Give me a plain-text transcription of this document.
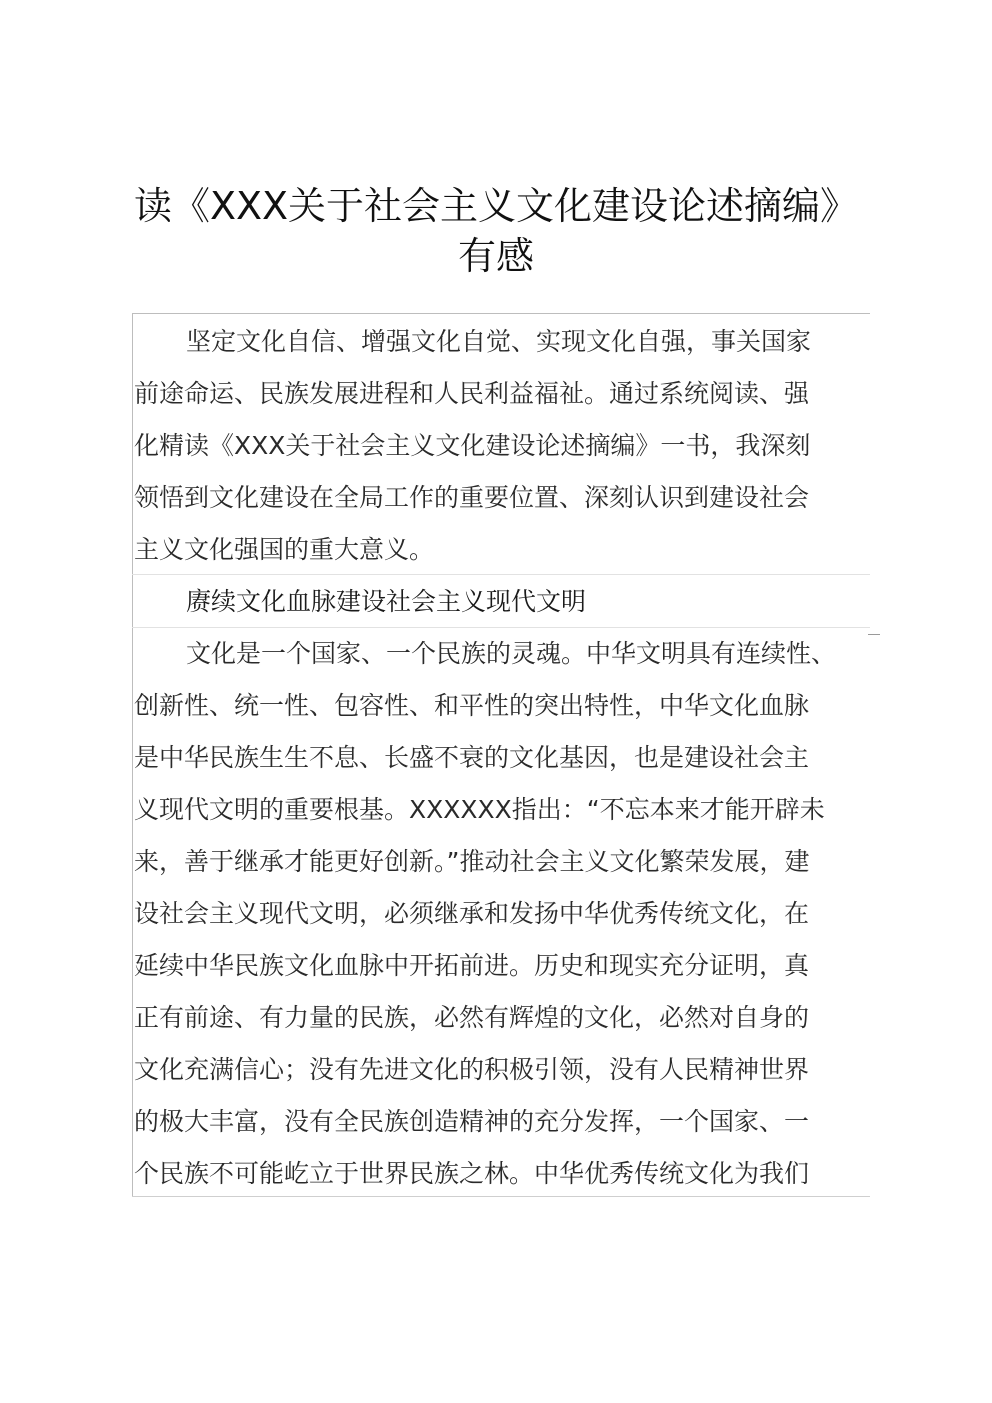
读《XXX关于社会主义文化建设论述摘编》
有感
坚定文化自信、增强文化自觉、实现文化自强，事关国家
前途命运、民族发展进程和人民利益福祉。通过系统阅读、强
化精读《XXX关于社会主义文化建设论述摘编》一书，我深刻
领悟到文化建设在全局工作的重要位置、深刻认识到建设社会
主义文化强国的重大意义。
赓续文化血脉建设社会主义现代文明
文化是一个国家、一个民族的灵魂。中华文明具有连续性、
创新性、统一性、包容性、和平性的突出特性，中华文化血脉
是中华民族生生不息、长盛不衰的文化基因，也是建设社会主
义现代文明的重要根基。XXXXXX指出：“不忘本来才能开辟未
来，善于继承才能更好创新。”推动社会主义文化繁荣发展，建
设社会主义现代文明，必须继承和发扬中华优秀传统文化，在
延续中华民族文化血脉中开拓前进。历史和现实充分证明，真
正有前途、有力量的民族，必然有辉煌的文化，必然对自身的
文化充满信心；没有先进文化的积极引领，没有人民精神世界
的极大丰富，没有全民族创造精神的充分发挥，一个国家、一
个民族不可能屹立于世界民族之林。中华优秀传统文化为我们
